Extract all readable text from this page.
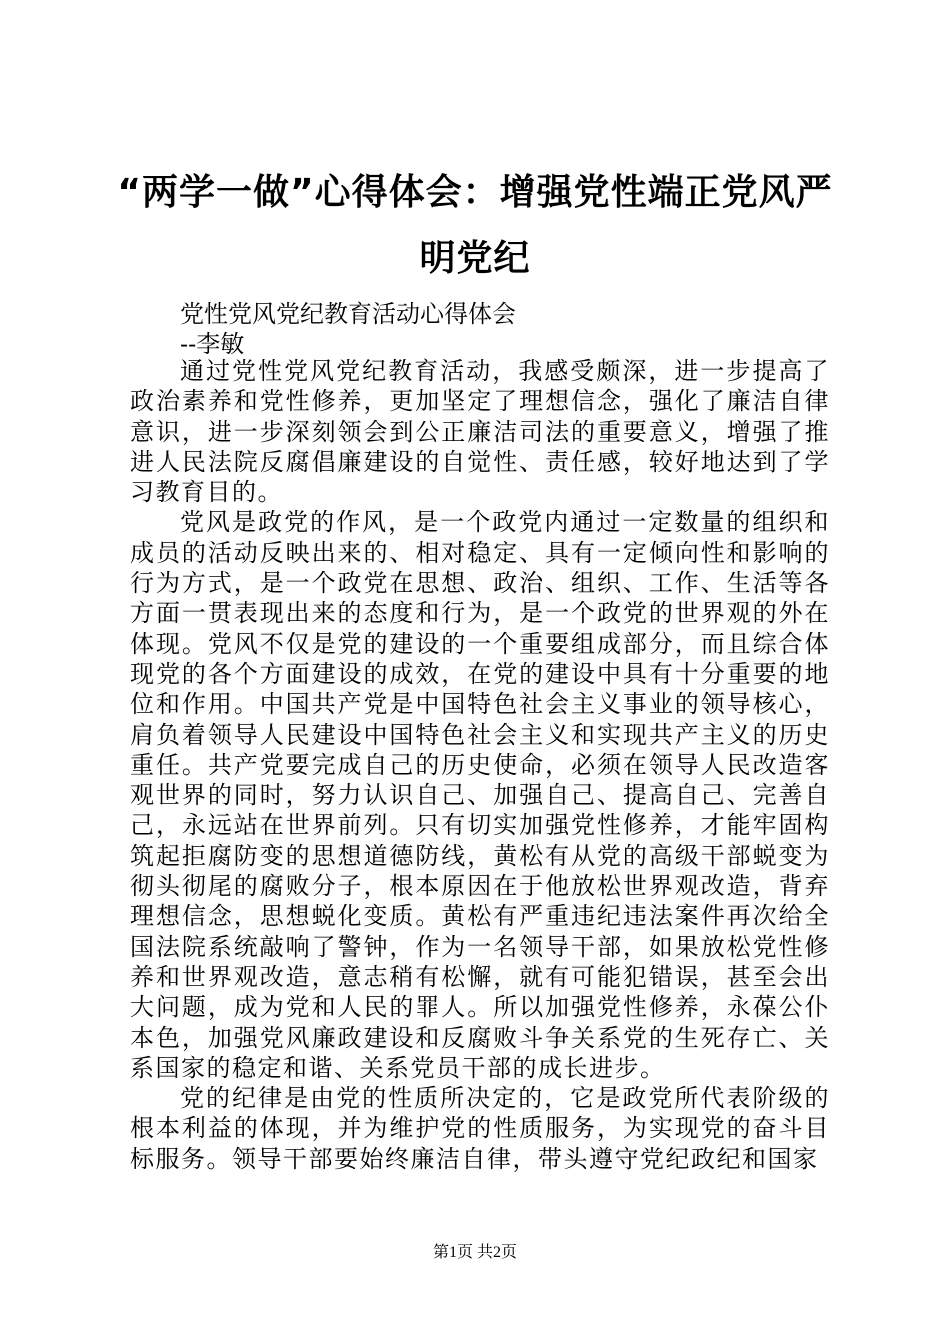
“两学一做”心得体会：增强党性端正党风严明党纪
党性党风党纪教育活动心得体会
--李敏

通过党性党风党纪教育活动，我感受颇深，进一步提高了政治素养和党性修养，更加坚定了理想信念，强化了廉洁自律意识，进一步深刻领会到公正廉洁司法的重要意义，增强了推进人民法院反腐倡廉建设的自觉性、责任感，较好地达到了学习教育目的。

党风是政党的作风，是一个政党内通过一定数量的组织和成员的活动反映出来的、相对稳定、具有一定倾向性和影响的行为方式，是一个政党在思想、政治、组织、工作、生活等各方面一贯表现出来的态度和行为，是一个政党的世界观的外在体现。党风不仅是党的建设的一个重要组成部分，而且综合体现党的各个方面建设的成效，在党的建设中具有十分重要的地位和作用。中国共产党是中国特色社会主义事业的领导核心，肩负着领导人民建设中国特色社会主义和实现共产主义的历史重任。共产党要完成自己的历史使命，必须在领导人民改造客观世界的同时，努力认识自己、加强自己、提高自己、完善自己，永远站在世界前列。只有切实加强党性修养，才能牢固构筑起拒腐防变的思想道德防线，黄松有从党的高级干部蜕变为彻头彻尾的腐败分子，根本原因在于他放松世界观改造，背弃理想信念，思想蜕化变质。黄松有严重违纪违法案件再次给全国法院系统敲响了警钟，作为一名领导干部，如果放松党性修养和世界观改造，意志稍有松懈，就有可能犯错误，甚至会出大问题，成为党和人民的罪人。所以加强党性修养，永葆公仆本色，加强党风廉政建设和反腐败斗争关系党的生死存亡、关系国家的稳定和谐、关系党员干部的成长进步。

党的纪律是由党的性质所决定的，它是政党所代表阶级的根本利益的体现，并为维护党的性质服务，为实现党的奋斗目标服务。领导干部要始终廉洁自律，带头遵守党纪政纪和国家

第1页 共2页
